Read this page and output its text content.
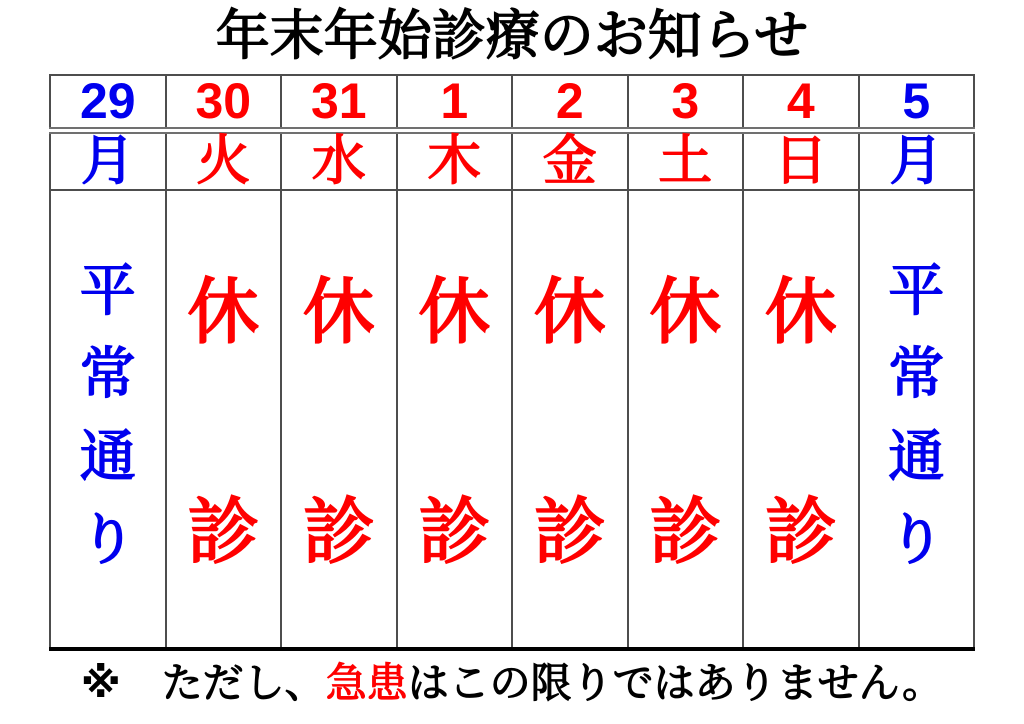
年末年始診療のお知らせ
29	30	31	1	2	3	4	5
月	火	水	木	金	土	日	月

平常通り	休診	休診	休診	休診	休診	休診	平常通り

※　ただし、急患はこの限りではありません。
